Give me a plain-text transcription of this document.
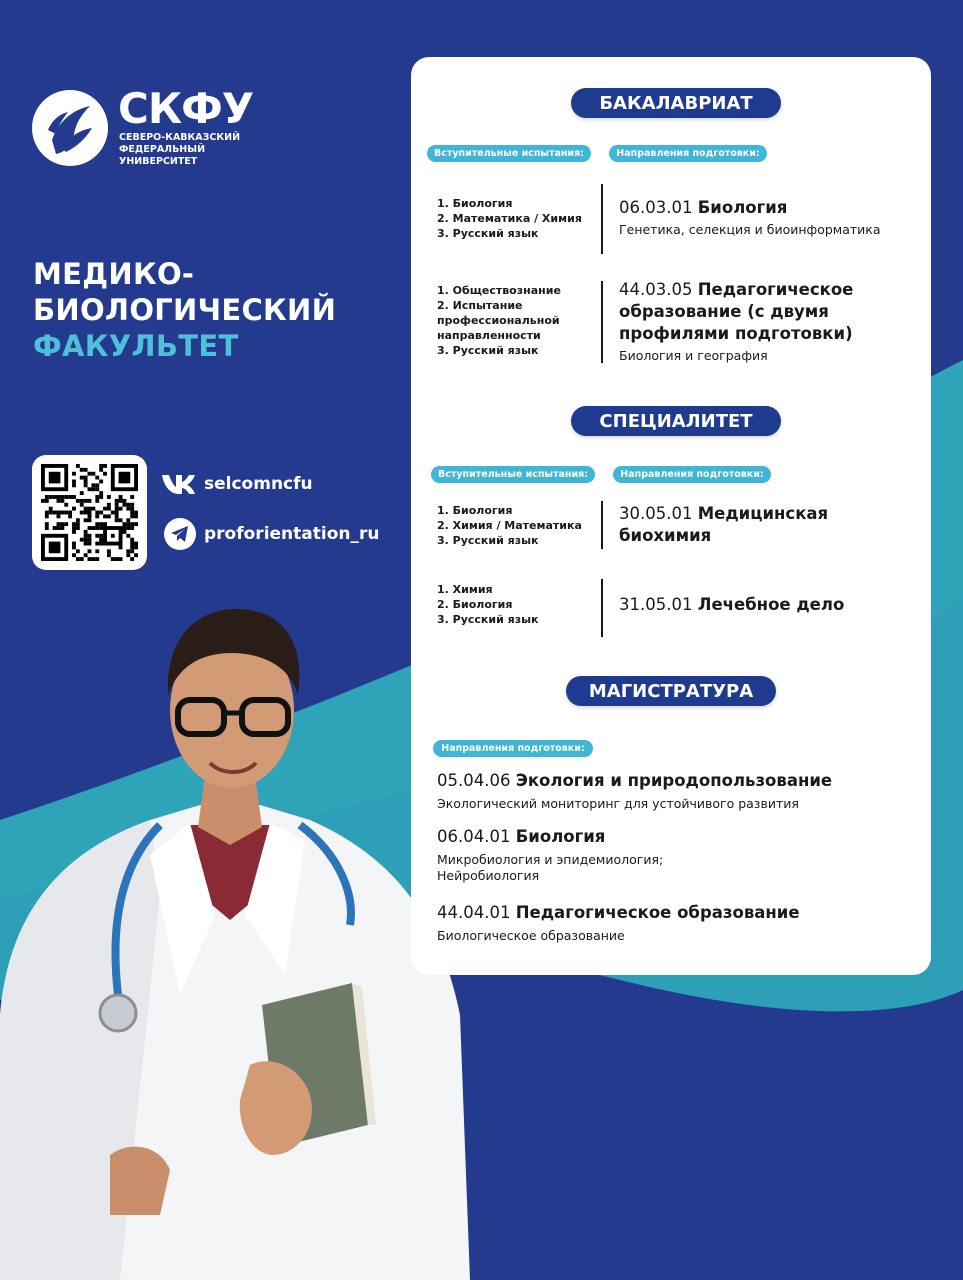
СКФУ
СЕВЕРО-КАВКАЗСКИЙ
ФЕДЕРАЛЬНЫЙ
УНИВЕРСИТЕТ
МЕДИКО-
БИОЛОГИЧЕСКИЙ
ФАКУЛЬТЕТ
selcomncfu
proforientation_ru
БАКАЛАВРИАТ
Вступительные испытания:	Направления подготовки:
1. Биология
2. Математика / Химия
3. Русский язык
06.03.01 Биология
Генетика, селекция и биоинформатика
1. Обществознание
2. Испытание
профессиональной
направленности
3. Русский язык
44.03.05 Педагогическое
образование (с двумя
профилями подготовки)
Биология и география
СПЕЦИАЛИТЕТ
Вступительные испытания:	Направления подготовки:
1. Биология
2. Химия / Математика
3. Русский язык
30.05.01 Медицинская
биохимия
1. Химия
2. Биология
3. Русский язык
31.05.01 Лечебное дело
МАГИСТРАТУРА
Направления подготовки:
05.04.06 Экология и природопользование
Экологический мониторинг для устойчивого развития
06.04.01 Биология
Микробиология и эпидемиология;
Нейробиология
44.04.01 Педагогическое образование
Биологическое образование
